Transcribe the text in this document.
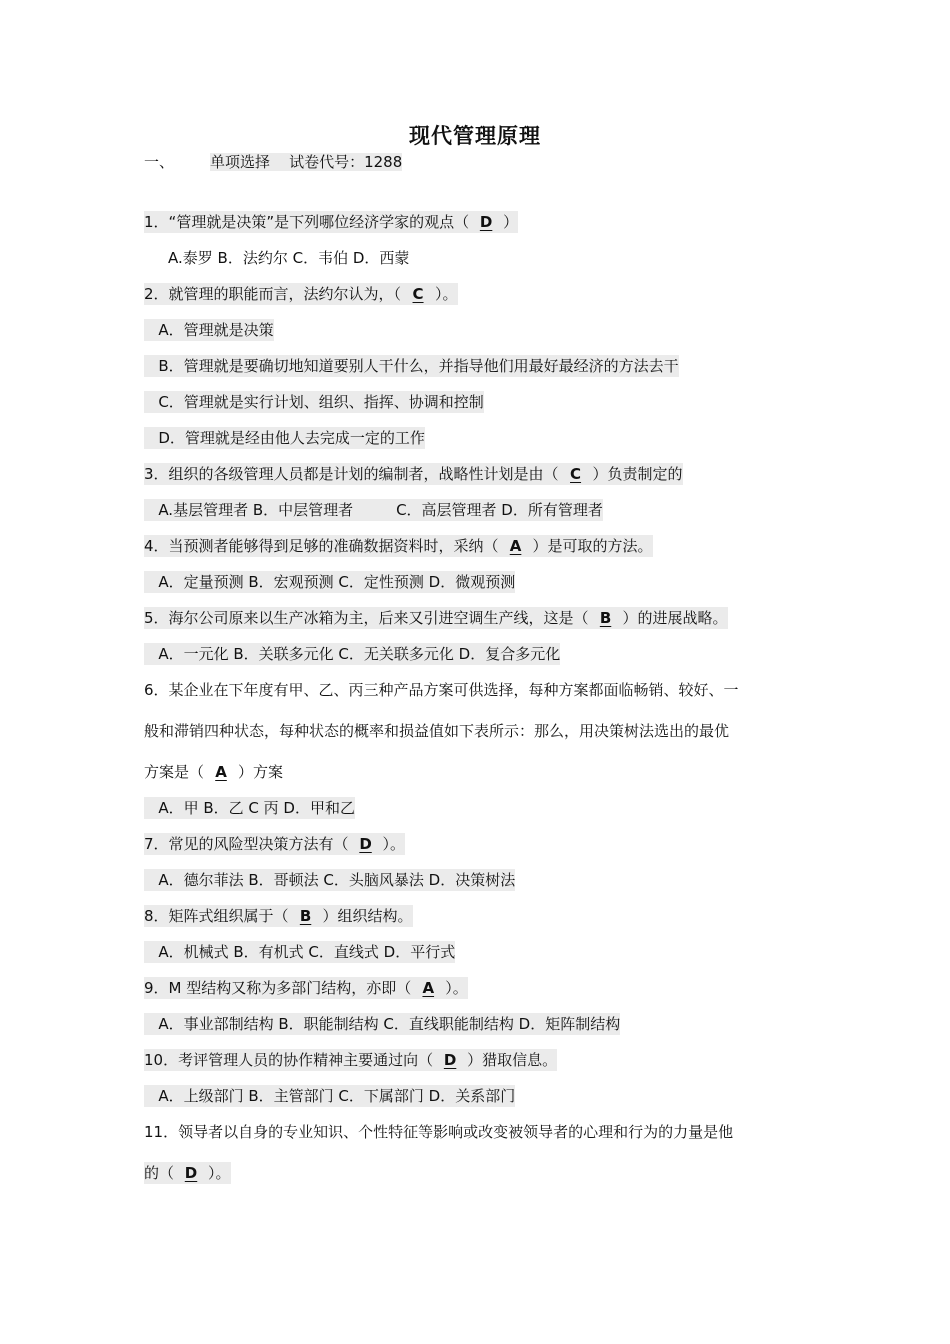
现代管理原理
一、 单项选择 试卷代号：1288
1．“管理就是决策”是下列哪位经济学家的观点（ D ）
A.泰罗 B．法约尔 C．韦伯 D．西蒙
2．就管理的职能而言，法约尔认为，（ C ）。
A．管理就是决策
B．管理就是要确切地知道要别人干什么，并指导他们用最好最经济的方法去干
C．管理就是实行计划、组织、指挥、协调和控制
D．管理就是经由他人去完成一定的工作
3．组织的各级管理人员都是计划的编制者，战略性计划是由（ C ）负责制定的
A.基层管理者 B．中层管理者	C．高层管理者 D．所有管理者
4．当预测者能够得到足够的准确数据资料时，采纳（ A ）是可取的方法。
A．定量预测 B．宏观预测 C．定性预测 D．微观预测
5．海尔公司原来以生产冰箱为主，后来又引进空调生产线，这是（ B ）的进展战略。
A．一元化 B．关联多元化 C．无关联多元化 D．复合多元化
6．某企业在下年度有甲、乙、丙三种产品方案可供选择，每种方案都面临畅销、较好、一
般和滞销四种状态，每种状态的概率和损益值如下表所示：那么，用决策树法选出的最优
方案是（ A ）方案
A．甲 B．乙 C 丙 D．甲和乙
7．常见的风险型决策方法有（ D ）。
A．德尔菲法 B．哥顿法 C．头脑风暴法 D．决策树法
8．矩阵式组织属于（ B ）组织结构。
A．机械式 B．有机式 C．直线式 D．平行式
9．M 型结构又称为多部门结构，亦即（ A ）。
A．事业部制结构 B．职能制结构 C．直线职能制结构 D．矩阵制结构
10．考评管理人员的协作精神主要通过向（ D ）猎取信息。
A．上级部门 B．主管部门 C．下属部门 D．关系部门
11．领导者以自身的专业知识、个性特征等影响或改变被领导者的心理和行为的力量是他
的（ D ）。
